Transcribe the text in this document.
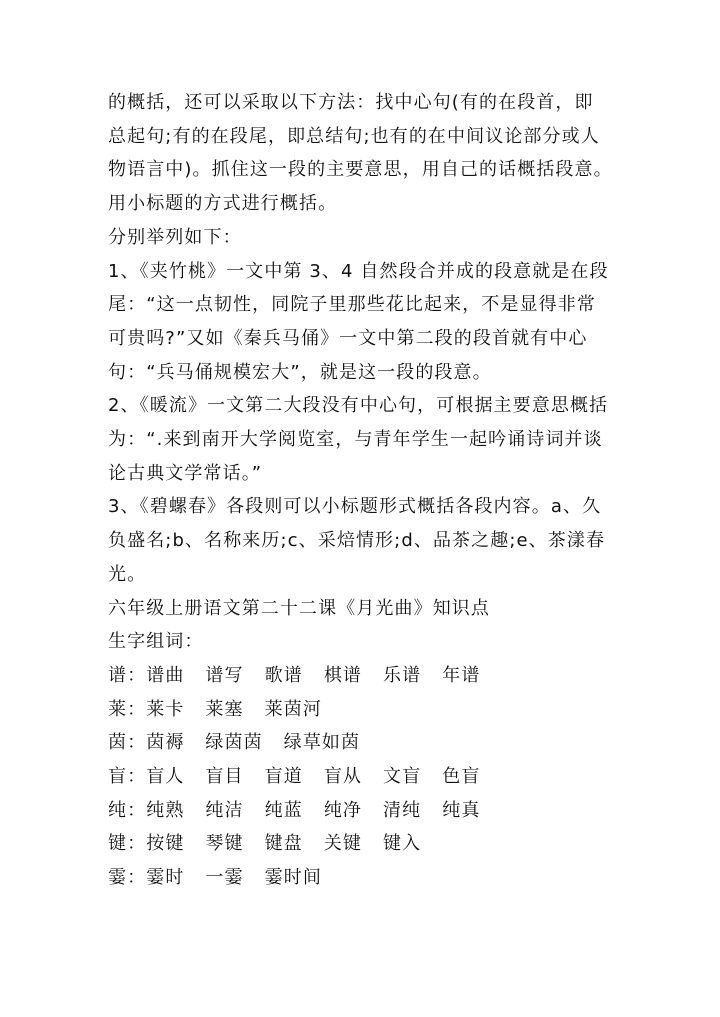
的概括，还可以采取以下方法：找中心句(有的在段首，即
总起句;有的在段尾，即总结句;也有的在中间议论部分或人
物语言中)。抓住这一段的主要意思，用自己的话概括段意。
用小标题的方式进行概括。
分别举列如下：
1、《夹竹桃》一文中第 3、4 自然段合并成的段意就是在段
尾：“这一点韧性，同院子里那些花比起来，不是显得非常
可贵吗?”又如《秦兵马俑》一文中第二段的段首就有中心
句：“兵马俑规模宏大”，就是这一段的段意。
2、《暖流》一文第二大段没有中心句，可根据主要意思概括
为：“.来到南开大学阅览室，与青年学生一起吟诵诗词并谈
论古典文学常话。”
3、《碧螺春》各段则可以小标题形式概括各段内容。a、久
负盛名;b、名称来历;c、采焙情形;d、品茶之趣;e、茶漾春
光。
六年级上册语文第二十二课《月光曲》知识点
生字组词：
谱：谱曲 谱写 歌谱 棋谱 乐谱 年谱
莱：莱卡 莱塞 莱茵河
茵：茵褥 绿茵茵 绿草如茵
盲：盲人 盲目 盲道 盲从 文盲 色盲
纯：纯熟 纯洁 纯蓝 纯净 清纯 纯真
键：按键 琴键 键盘 关键 键入
霎：霎时 一霎 霎时间
